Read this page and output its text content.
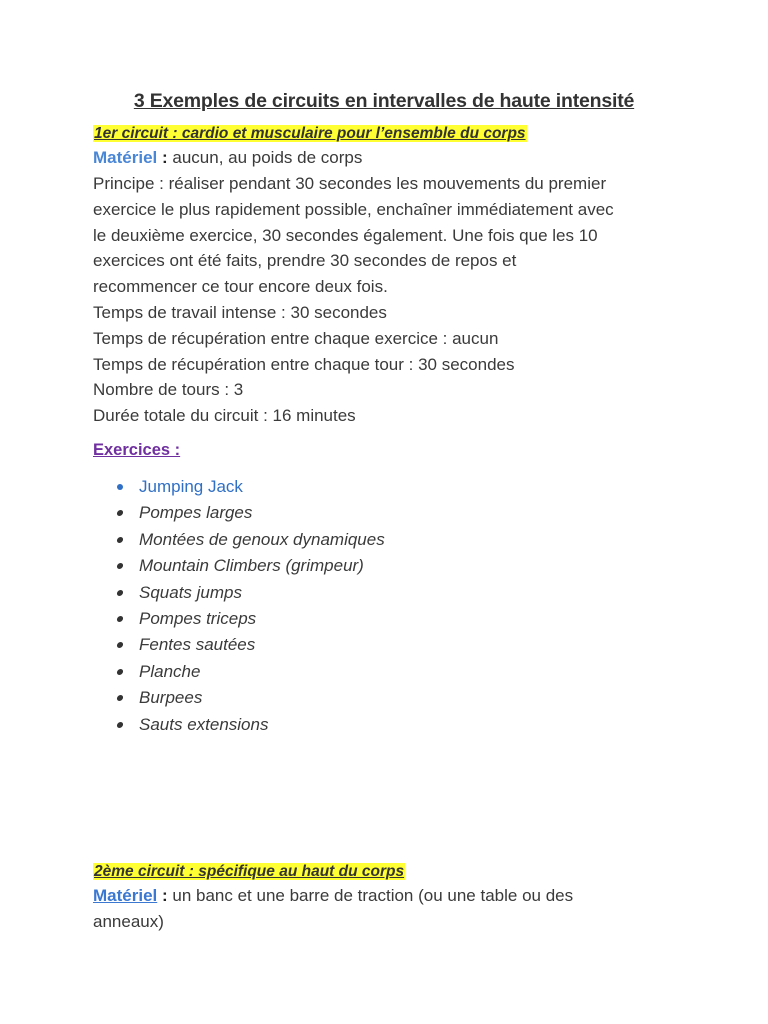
3 Exemples de circuits en intervalles de haute intensité
1er circuit : cardio et musculaire pour l’ensemble du corps
Matériel : aucun, au poids de corps
Principe : réaliser pendant 30 secondes les mouvements du premier
exercice le plus rapidement possible, enchaîner immédiatement avec
le deuxième exercice, 30 secondes également. Une fois que les 10
exercices ont été faits, prendre 30 secondes de repos et
recommencer ce tour encore deux fois.
Temps de travail intense : 30 secondes
Temps de récupération entre chaque exercice : aucun
Temps de récupération entre chaque tour : 30 secondes
Nombre de tours : 3
Durée totale du circuit : 16 minutes
Exercices :
Jumping Jack
Pompes larges
Montées de genoux dynamiques
Mountain Climbers (grimpeur)
Squats jumps
Pompes triceps
Fentes sautées
Planche
Burpees
Sauts extensions
2ème circuit : spécifique au haut du corps
Matériel : un banc et une barre de traction (ou une table ou des
anneaux)
